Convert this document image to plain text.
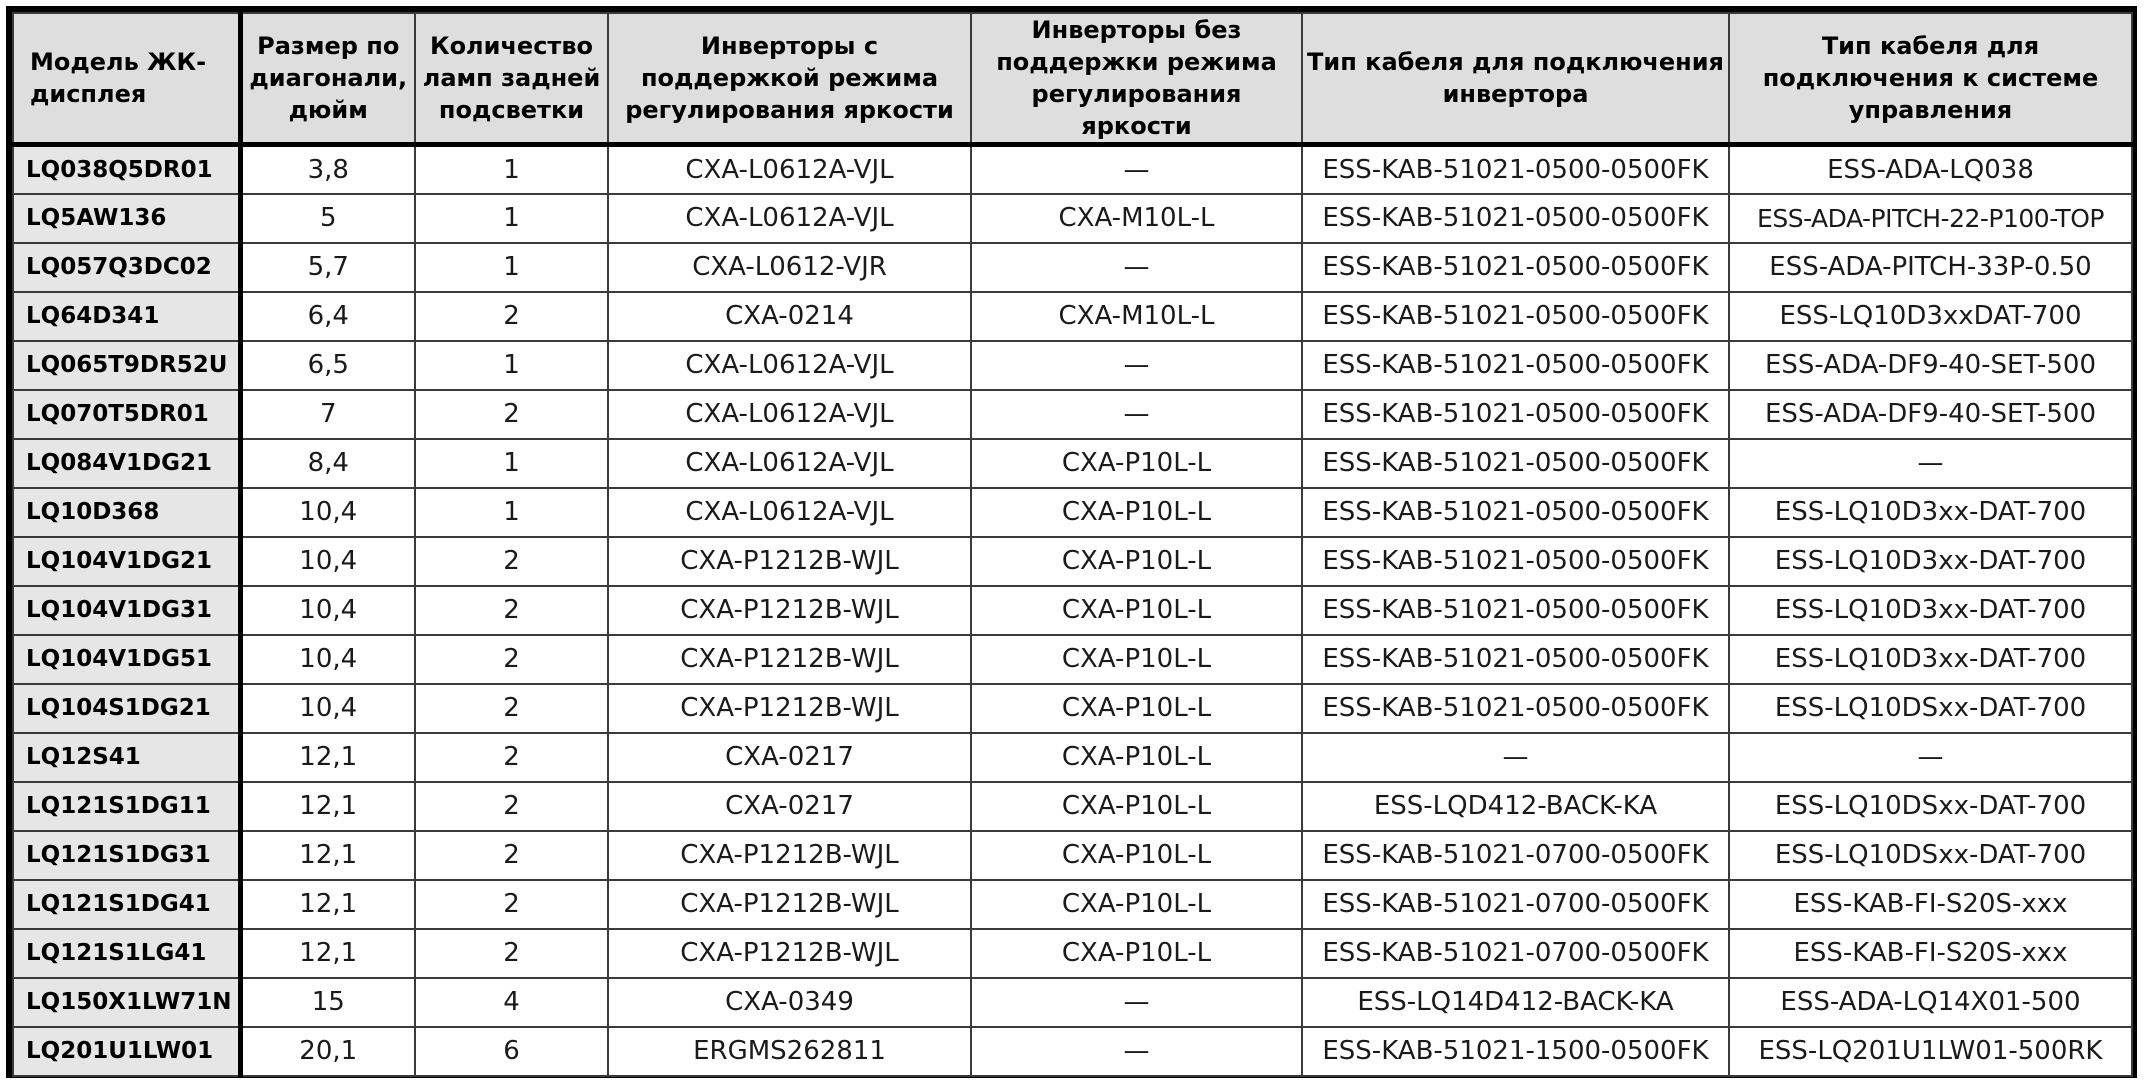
Модель ЖК-дисплея	Размер по диагонали, дюйм	Количество ламп задней подсветки	Инверторы с поддержкой режима регулирования яркости	Инверторы без поддержки режима регулирования яркости	Тип кабеля для подключения инвертора	Тип кабеля для подключения к системе управления
LQ038Q5DR01	3,8	1	CXA-L0612A-VJL	—	ESS-KAB-51021-0500-0500FK	ESS-ADA-LQ038
LQ5AW136	5	1	CXA-L0612A-VJL	CXA-M10L-L	ESS-KAB-51021-0500-0500FK	ESS-ADA-PITCH-22-P100-TOP
LQ057Q3DC02	5,7	1	CXA-L0612-VJR	—	ESS-KAB-51021-0500-0500FK	ESS-ADA-PITCH-33P-0.50
LQ64D341	6,4	2	CXA-0214	CXA-M10L-L	ESS-KAB-51021-0500-0500FK	ESS-LQ10D3xxDAT-700
LQ065T9DR52U	6,5	1	CXA-L0612A-VJL	—	ESS-KAB-51021-0500-0500FK	ESS-ADA-DF9-40-SET-500
LQ070T5DR01	7	2	CXA-L0612A-VJL	—	ESS-KAB-51021-0500-0500FK	ESS-ADA-DF9-40-SET-500
LQ084V1DG21	8,4	1	CXA-L0612A-VJL	CXA-P10L-L	ESS-KAB-51021-0500-0500FK	—
LQ10D368	10,4	1	CXA-L0612A-VJL	CXA-P10L-L	ESS-KAB-51021-0500-0500FK	ESS-LQ10D3xx-DAT-700
LQ104V1DG21	10,4	2	CXA-P1212B-WJL	CXA-P10L-L	ESS-KAB-51021-0500-0500FK	ESS-LQ10D3xx-DAT-700
LQ104V1DG31	10,4	2	CXA-P1212B-WJL	CXA-P10L-L	ESS-KAB-51021-0500-0500FK	ESS-LQ10D3xx-DAT-700
LQ104V1DG51	10,4	2	CXA-P1212B-WJL	CXA-P10L-L	ESS-KAB-51021-0500-0500FK	ESS-LQ10D3xx-DAT-700
LQ104S1DG21	10,4	2	CXA-P1212B-WJL	CXA-P10L-L	ESS-KAB-51021-0500-0500FK	ESS-LQ10DSxx-DAT-700
LQ12S41	12,1	2	CXA-0217	CXA-P10L-L	—	—
LQ121S1DG11	12,1	2	CXA-0217	CXA-P10L-L	ESS-LQD412-BACK-KA	ESS-LQ10DSxx-DAT-700
LQ121S1DG31	12,1	2	CXA-P1212B-WJL	CXA-P10L-L	ESS-KAB-51021-0700-0500FK	ESS-LQ10DSxx-DAT-700
LQ121S1DG41	12,1	2	CXA-P1212B-WJL	CXA-P10L-L	ESS-KAB-51021-0700-0500FK	ESS-KAB-FI-S20S-xxx
LQ121S1LG41	12,1	2	CXA-P1212B-WJL	CXA-P10L-L	ESS-KAB-51021-0700-0500FK	ESS-KAB-FI-S20S-xxx
LQ150X1LW71N	15	4	CXA-0349	—	ESS-LQ14D412-BACK-KA	ESS-ADA-LQ14X01-500
LQ201U1LW01	20,1	6	ERGMS262811	—	ESS-KAB-51021-1500-0500FK	ESS-LQ201U1LW01-500RK
